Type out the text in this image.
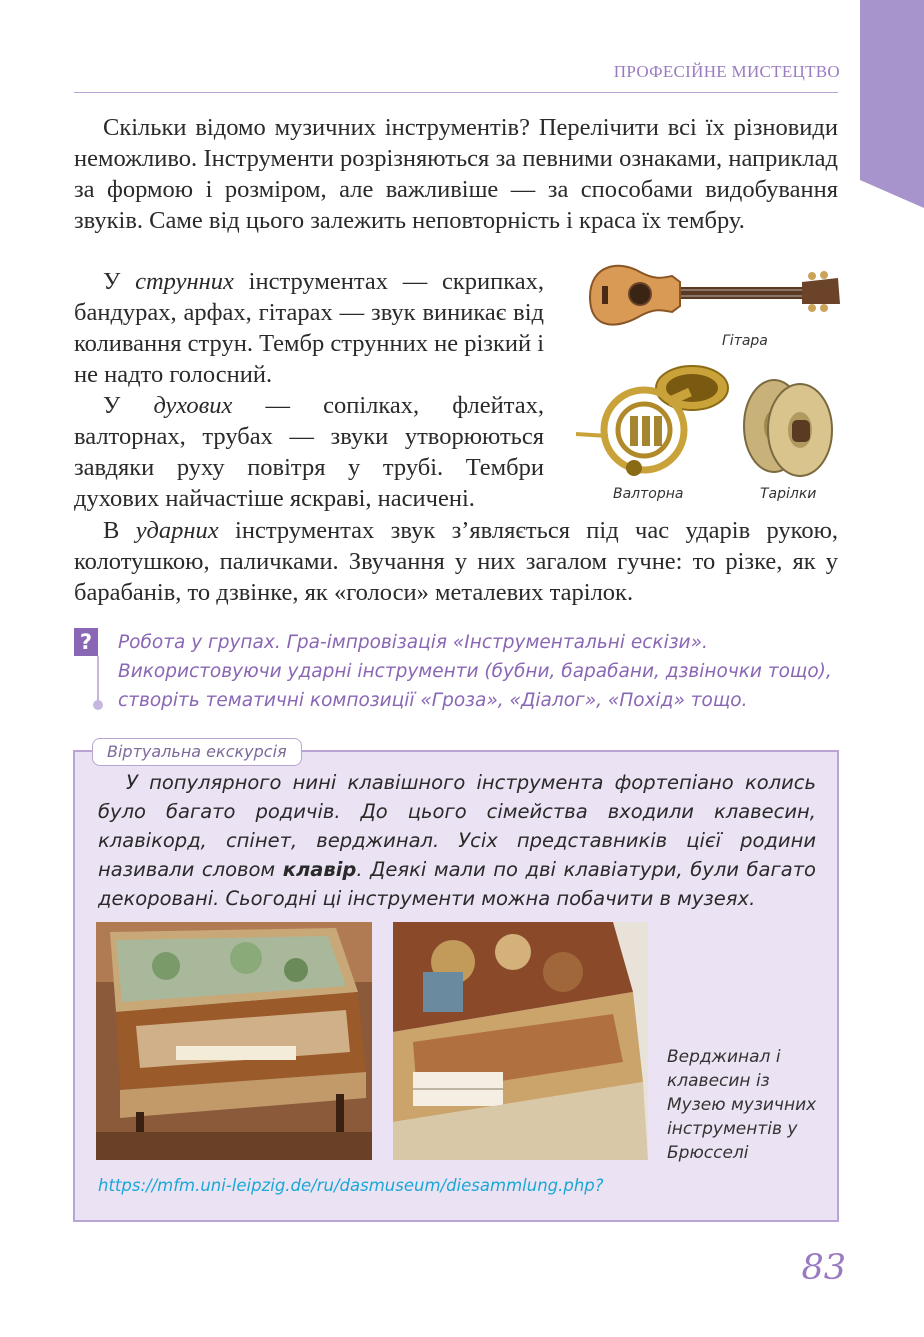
ПРОФЕСІЙНЕ МИСТЕЦТВО

Скільки відомо музичних інструментів? Перелічити всі їх різновиди неможливо. Інструменти розрізняються за певними ознаками, наприклад за формою і розміром, але важливіше — за способами видобування звуків. Саме від цього залежить неповторність і краса їх тембру.

У струнних інструментах — скрипках, бандурах, арфах, гітарах — звук виникає від коливання струн. Тембр струнних не різкий і не надто голосний.

У духових — сопілках, флейтах, валторнах, трубах — звуки утворюються завдяки руху повітря у трубі. Тембри духових найчастіше яскраві, насичені.

В ударних інструментах звук з’являється під час ударів рукою, колотушкою, паличками. Звучання у них загалом гучне: то різке, як у барабанів, то дзвінке, як «голоси» металевих тарілок.

Гітара
Валторна	Тарілки
?	Робота у групах. Гра-імпровізація «Інструментальні ескізи». Використовуючи ударні інструменти (бубни, барабани, дзвіночки тощо), створіть тематичні композиції «Гроза», «Діалог», «Похід» тощо.

Віртуальна екскурсія

У популярного нині клавішного інструмента фортепіано колись було багато родичів. До цього сімейства входили клавесин, клавікорд, спінет, верджинал. Усіх представників цієї родини називали словом клавір. Деякі мали по дві клавіатури, були багато декоровані. Сьогодні ці інструменти можна побачити в музеях.

Верджинал і клавесин із Музею музичних інструментів у Брюсселі
https://mfm.uni-leipzig.de/ru/dasmuseum/diesammlung.php?
83
